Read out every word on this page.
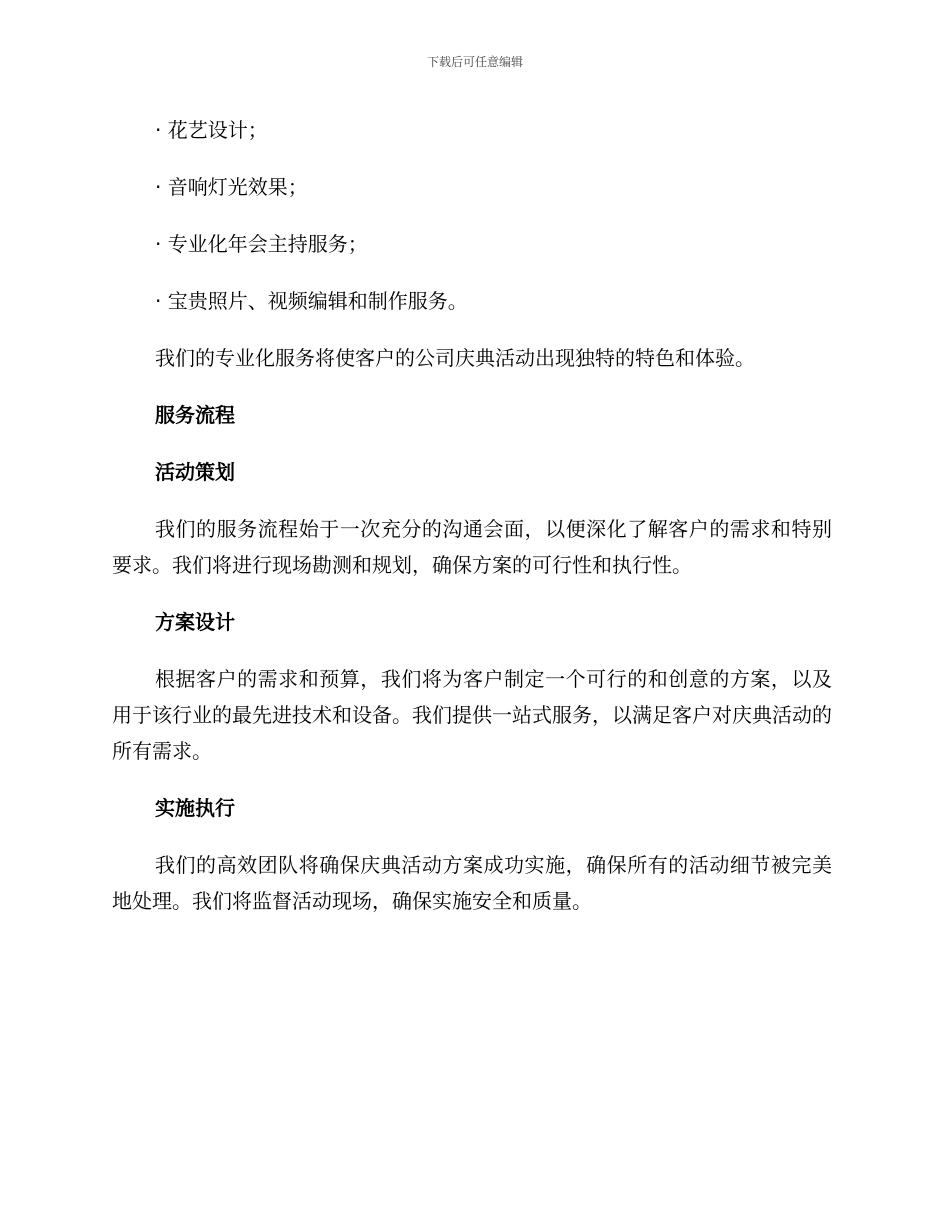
下载后可任意编辑
· 花艺设计；
· 音响灯光效果；
· 专业化年会主持服务；
· 宝贵照片、视频编辑和制作服务。
我们的专业化服务将使客户的公司庆典活动出现独特的特色和体验。
服务流程
活动策划
我们的服务流程始于一次充分的沟通会面，以便深化了解客户的需求和特别要求。我们将进行现场勘测和规划，确保方案的可行性和执行性。
方案设计
根据客户的需求和预算，我们将为客户制定一个可行的和创意的方案，以及用于该行业的最先进技术和设备。我们提供一站式服务，以满足客户对庆典活动的所有需求。
实施执行
我们的高效团队将确保庆典活动方案成功实施，确保所有的活动细节被完美地处理。我们将监督活动现场，确保实施安全和质量。
